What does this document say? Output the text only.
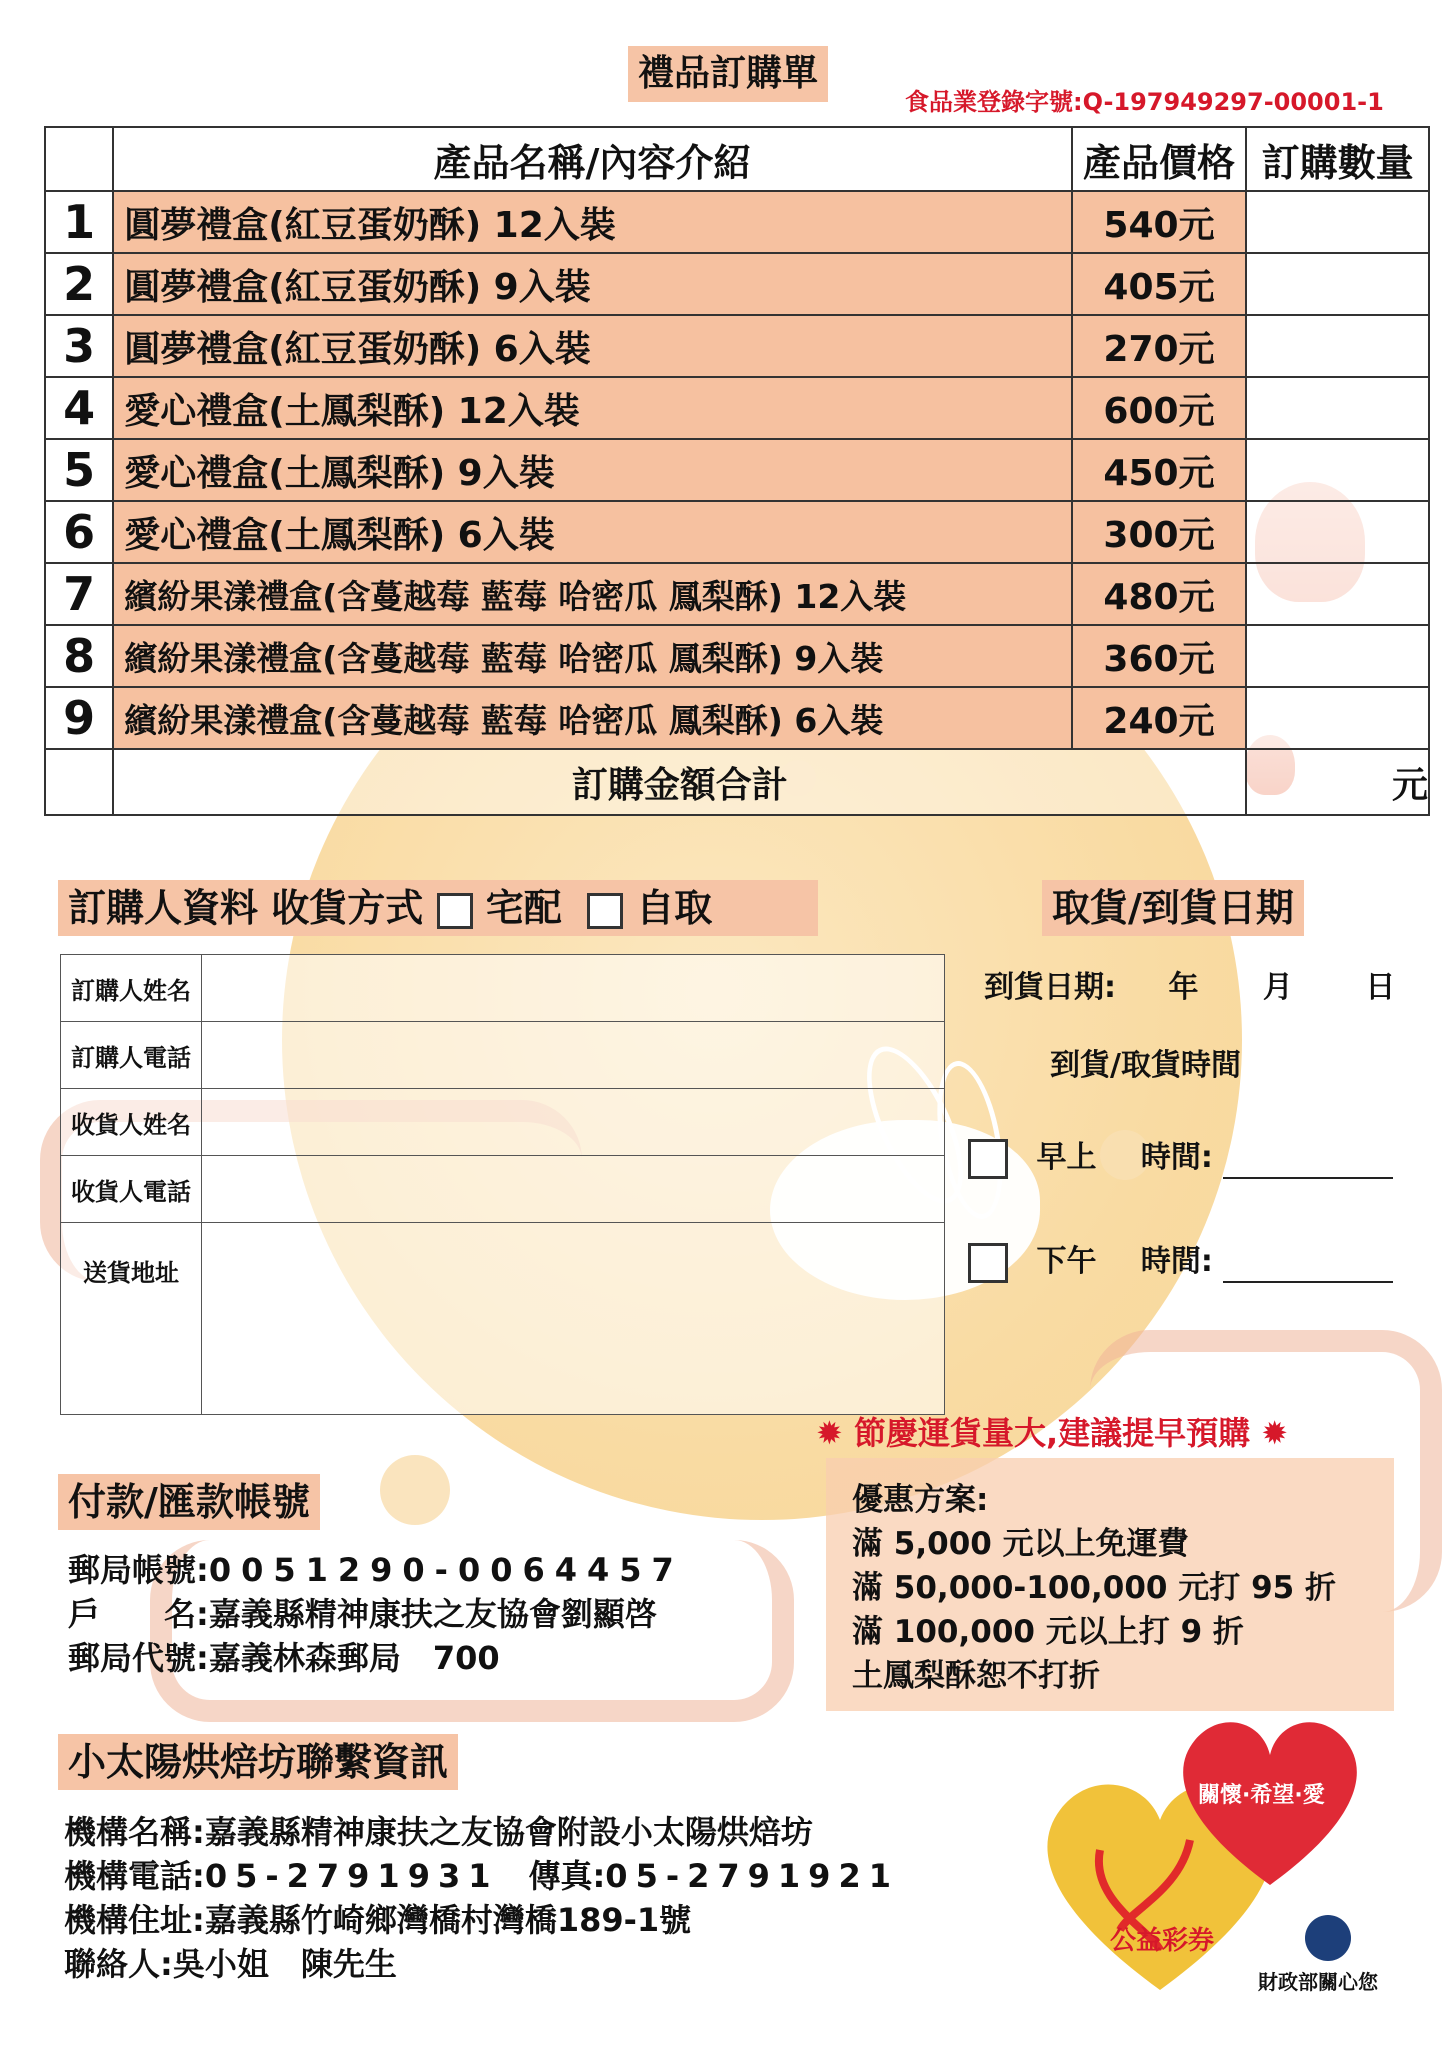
禮品訂購單
食品業登錄字號:Q-197949297-00001-1
	產品名稱/內容介紹	產品價格	訂購數量
1	圓夢禮盒(紅豆蛋奶酥) 12入裝	540元	
2	圓夢禮盒(紅豆蛋奶酥) 9入裝	405元	
3	圓夢禮盒(紅豆蛋奶酥) 6入裝	270元	
4	愛心禮盒(土鳳梨酥) 12入裝	600元	
5	愛心禮盒(土鳳梨酥) 9入裝	450元	
6	愛心禮盒(土鳳梨酥) 6入裝	300元	
7	繽紛果漾禮盒(含蔓越莓 藍莓 哈密瓜 鳳梨酥) 12入裝	480元	
8	繽紛果漾禮盒(含蔓越莓 藍莓 哈密瓜 鳳梨酥) 9入裝	360元	
9	繽紛果漾禮盒(含蔓越莓 藍莓 哈密瓜 鳳梨酥) 6入裝	240元	
	訂購金額合計		元
訂購人資料 收貨方式 宅配 自取
訂購人姓名	
訂購人電話	
收貨人姓名	
收貨人電話	
送貨地址	
取貨/到貨日期
到貨日期: 年 月 日
到貨/取貨時間
早上 時間:
下午 時間:
✹ 節慶運貨量大,建議提早預購 ✹
優惠方案:
滿 5,000 元以上免運費
滿 50,000-100,000 元打 95 折
滿 100,000 元以上打 9 折
土鳳梨酥恕不打折
付款/匯款帳號
郵局帳號:0051290-0064457
戶　　名:嘉義縣精神康扶之友協會劉顯啓
郵局代號:嘉義林森郵局　700
小太陽烘焙坊聯繫資訊
機構名稱:嘉義縣精神康扶之友協會附設小太陽烘焙坊
機構電話:05-2791931 傳真:05-2791921
機構住址:嘉義縣竹崎鄉灣橋村灣橋189-1號
聯絡人:吳小姐　陳先生
公益彩券
關懷·希望·愛
財政部關心您
